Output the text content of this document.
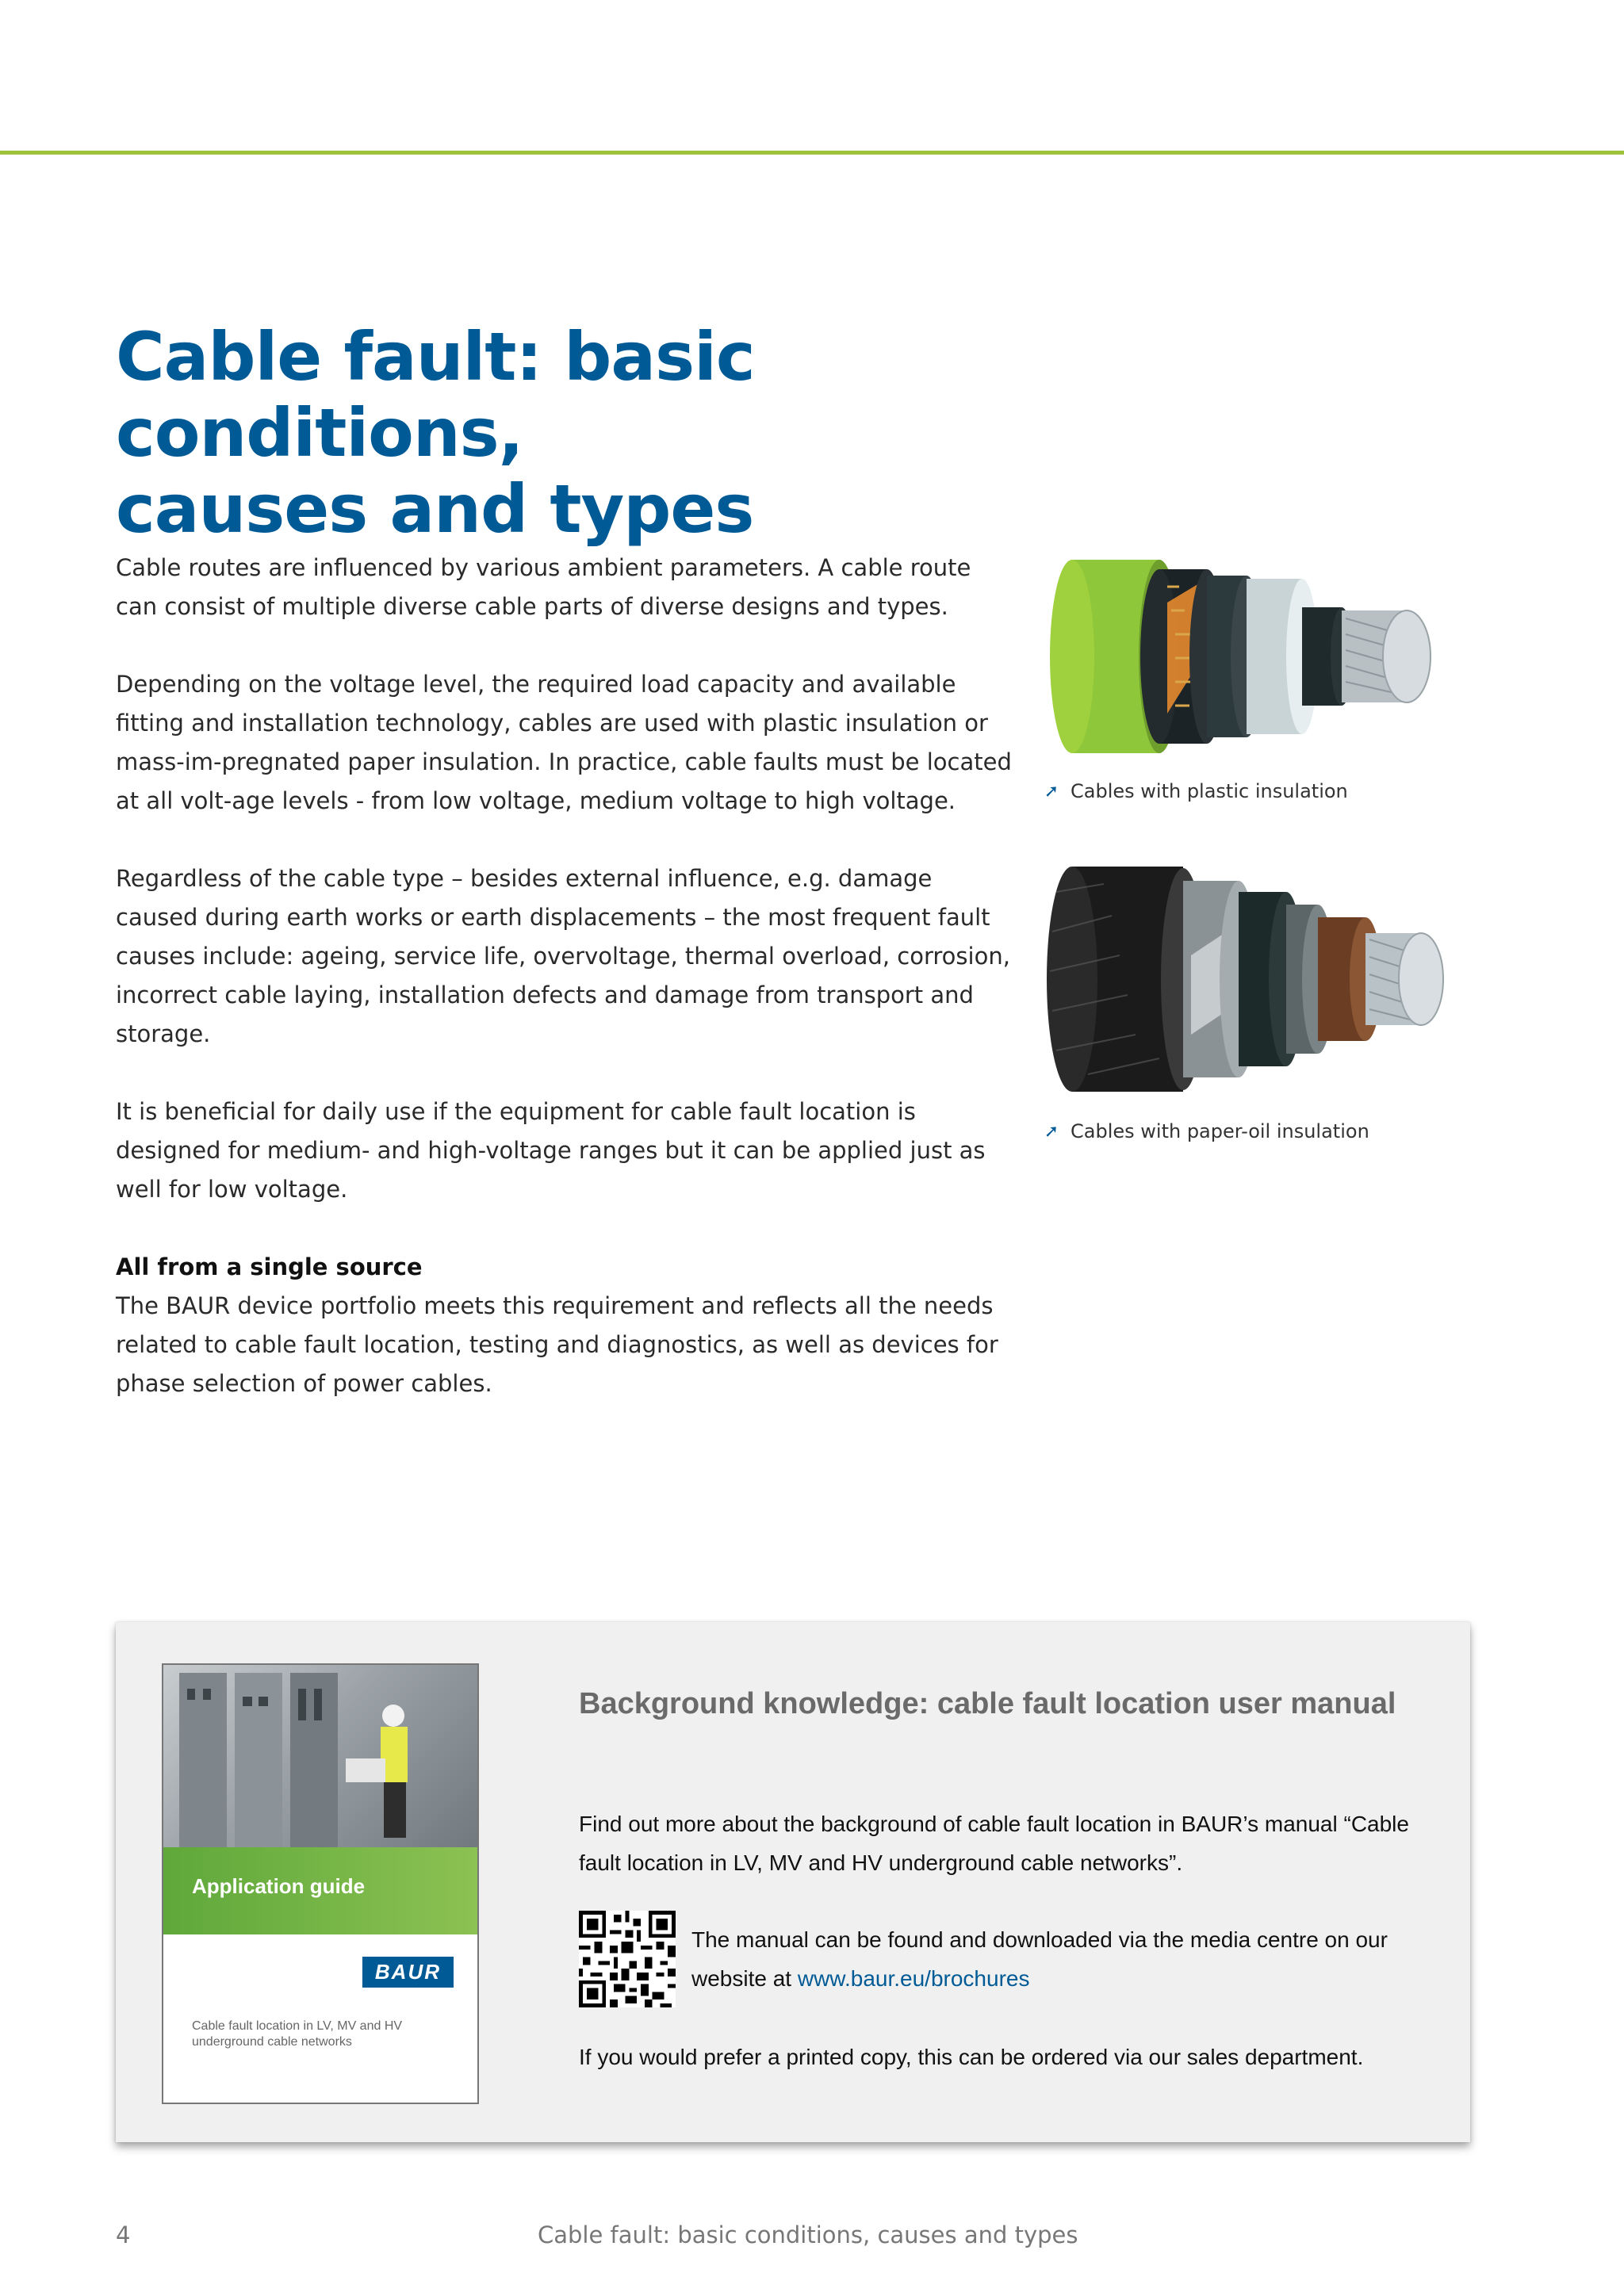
Cable fault: basic conditions,
causes and types

Cable routes are influenced by various ambient parameters. A cable route can consist of multiple diverse cable parts of diverse designs and types.

Depending on the voltage level, the required load capacity and available fitting and installation technology, cables are used with plastic insulation or mass-im-pregnated paper insulation. In practice, cable faults must be located at all volt-age levels - from low voltage, medium voltage to high voltage.

Regardless of the cable type – besides external influence, e.g. damage caused during earth works or earth displacements – the most frequent fault causes include: ageing, service life, overvoltage, thermal overload, corrosion, incorrect cable laying, installation defects and damage from transport and storage.

It is beneficial for daily use if the equipment for cable fault location is designed for medium- and high-voltage ranges but it can be applied just as well for low voltage.

All from a single source

The BAUR device portfolio meets this requirement and reflects all the needs related to cable fault location, testing and diagnostics, as well as devices for phase selection of power cables.

➚ Cables with plastic insulation
➚ Cables with paper-oil insulation
Application guide
BAUR
Cable fault location in LV, MV and HV underground cable networks
Background knowledge: cable fault location user manual
Find out more about the background of cable fault location in BAUR’s manual “Cable fault location in LV, MV and HV underground cable networks”.
The manual can be found and downloaded via the media centre on our website at www.baur.eu/brochures
If you would prefer a printed copy, this can be ordered via our sales department.
4	Cable fault: basic conditions, causes and types
